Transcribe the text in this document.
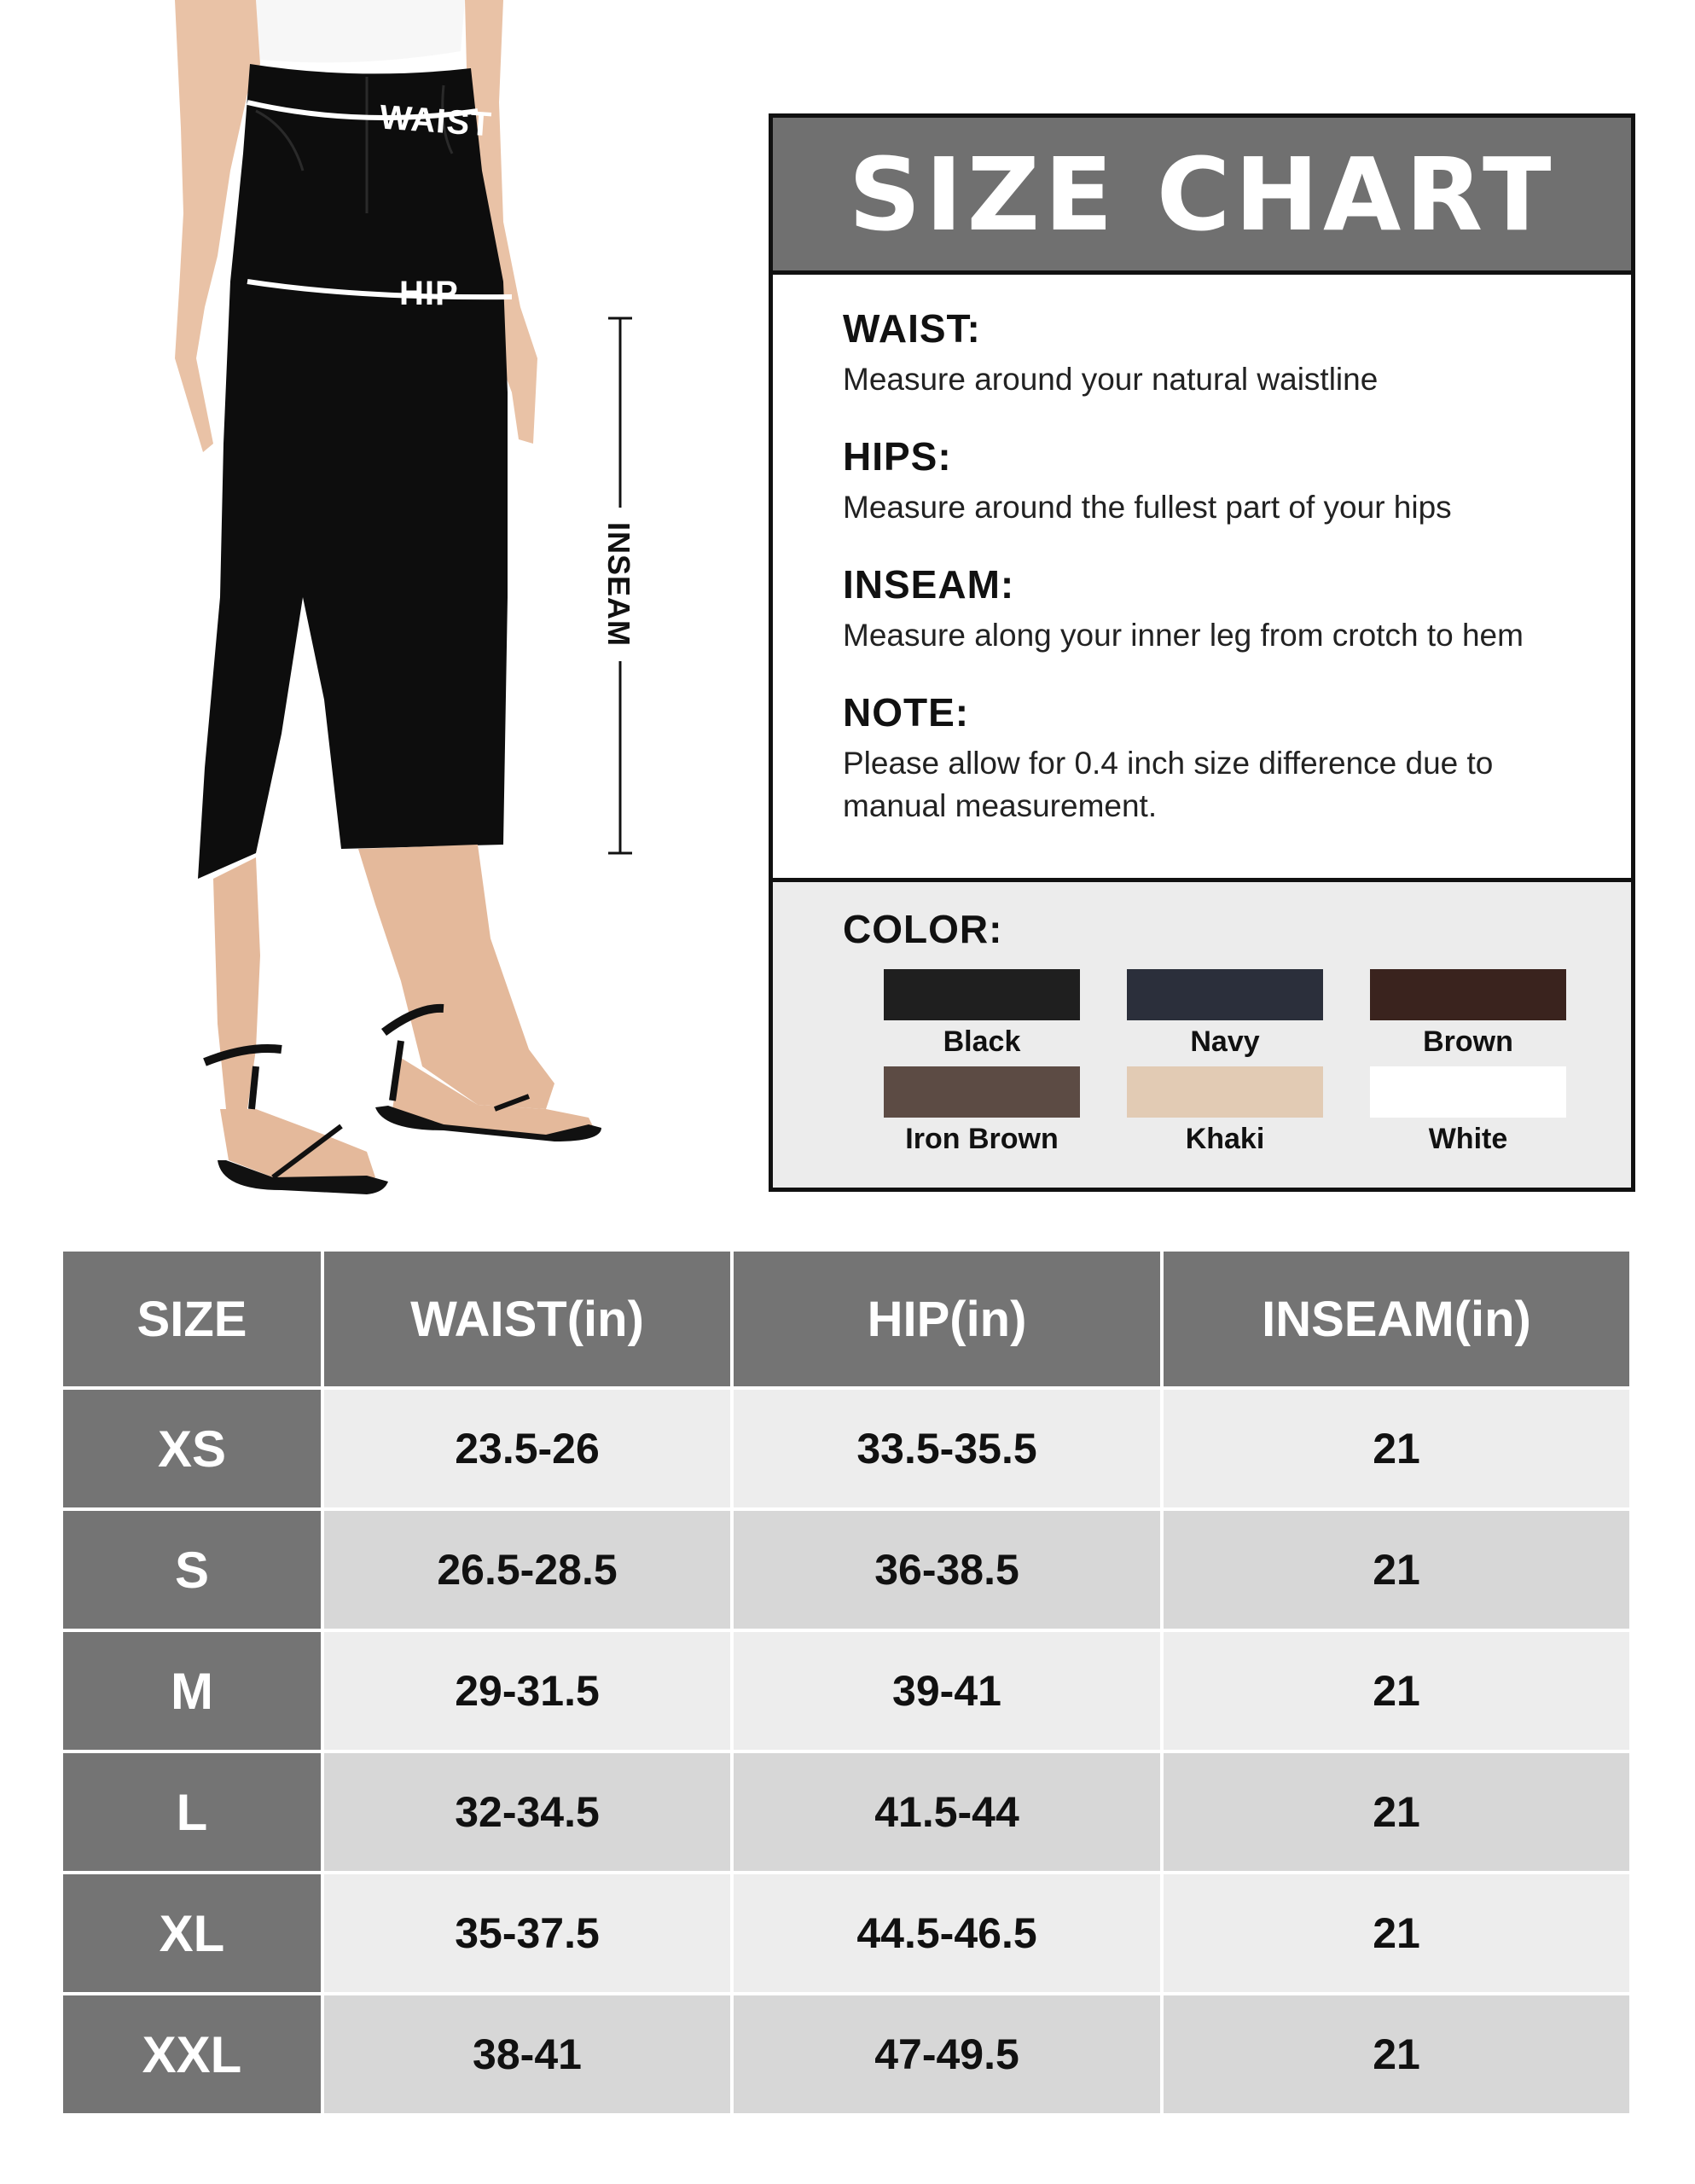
WAIST
HIP
INSEAM
SIZE CHART

WAIST:

Measure around your natural waistline

HIPS:

Measure around the fullest part of your hips

INSEAM:

Measure along your inner leg from crotch to hem

NOTE:

Please allow for 0.4 inch size difference due to manual measurement.

COLOR:

Black	Navy	Brown
Iron Brown	Khaki	White
SIZE	WAIST(in)	HIP(in)	INSEAM(in)
XS	23.5-26	33.5-35.5	21
S	26.5-28.5	36-38.5	21
M	29-31.5	39-41	21
L	32-34.5	41.5-44	21
XL	35-37.5	44.5-46.5	21
XXL	38-41	47-49.5	21
